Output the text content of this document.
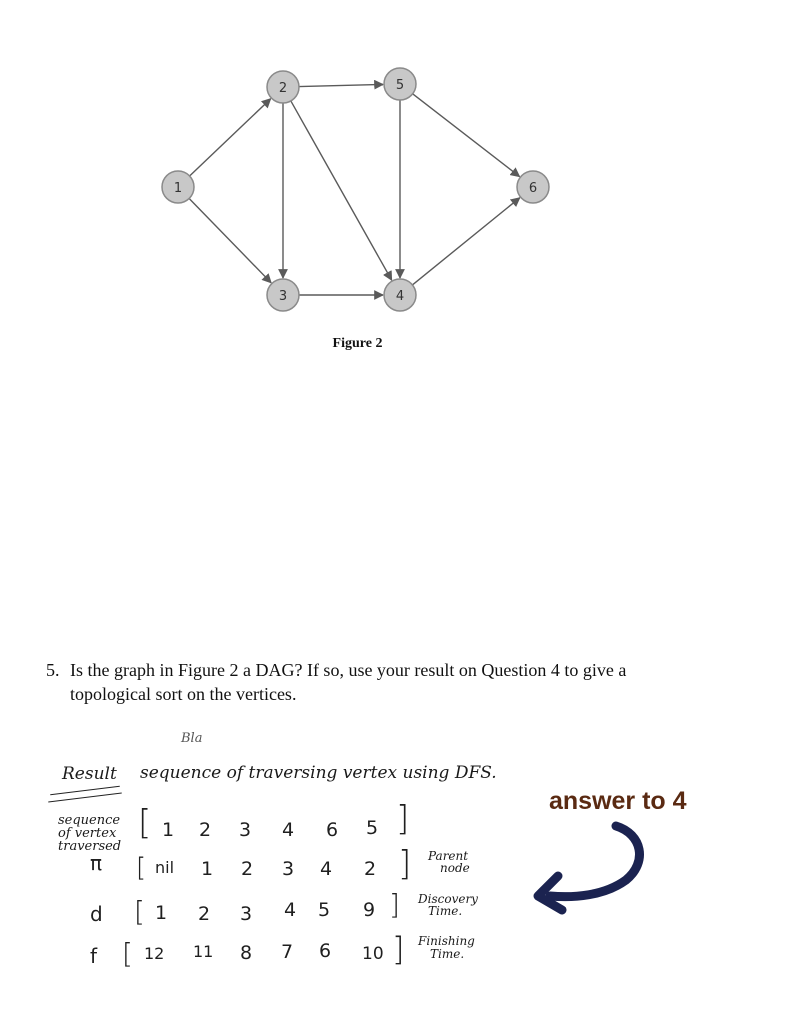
1
2
3	4
5
6
Figure 2
5. Is the graph in Figure 2 a DAG? If so, use your result on Question 4 to give a
topological sort on the vertices.
Bla
Result sequence of traversing vertex using DFS.
sequence
of vertex
traversed
[ 1 2 3 4 6 5 ]
π [ nil 1 2 3 4 2 ] Parent
node
d [ 1 2 3 4 5 9 ] Discovery
Time.
f [ 12 11 8 7 6 10 ] Finishing
Time.
answer to 4
